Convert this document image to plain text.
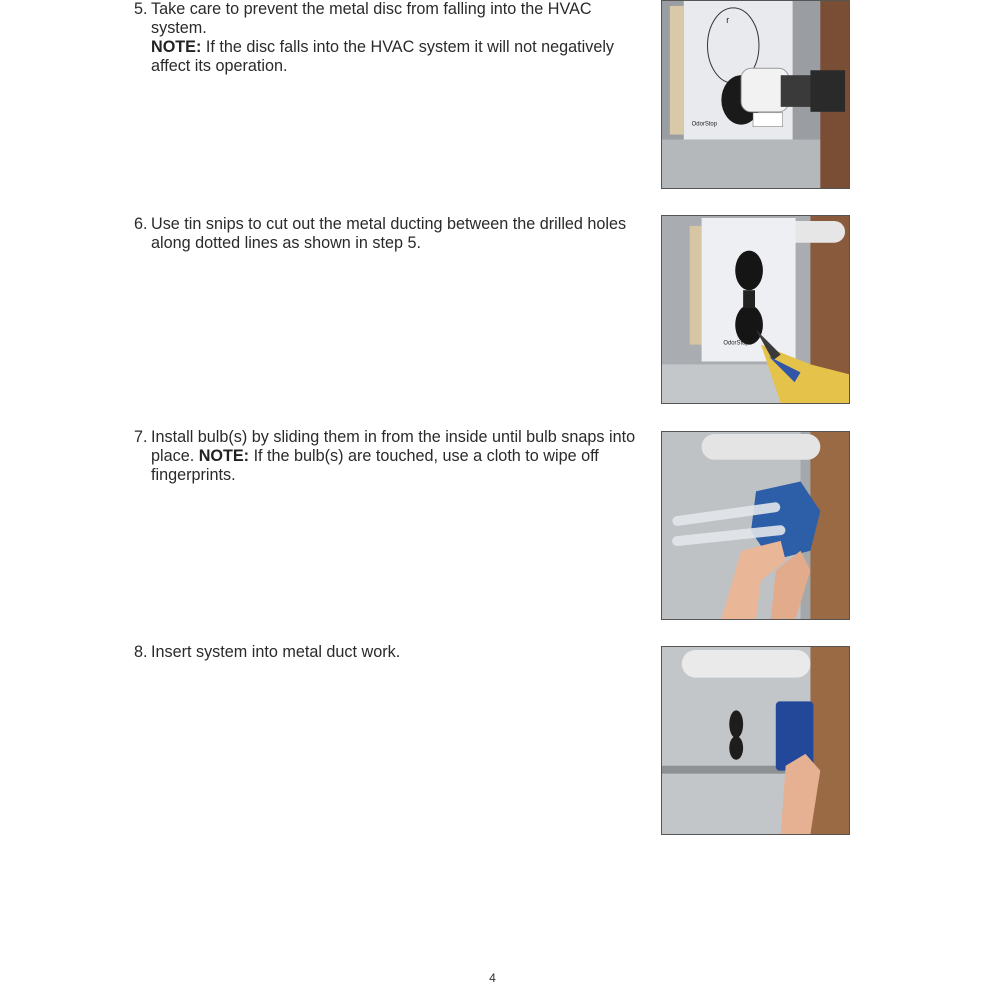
5. Take care to prevent the metal disc from falling into the HVAC system.
NOTE: If the disc falls into the HVAC system it will not negatively affect its operation.
r
OdorStop
6. Use tin snips to cut out the metal ducting between the drilled holes along dotted lines as shown in step 5.
OdorStop
7. Install bulb(s) by sliding them in from the inside until bulb snaps into place. NOTE: If the bulb(s) are touched, use a cloth to wipe off fingerprints.
8. Insert system into metal duct work.
4
